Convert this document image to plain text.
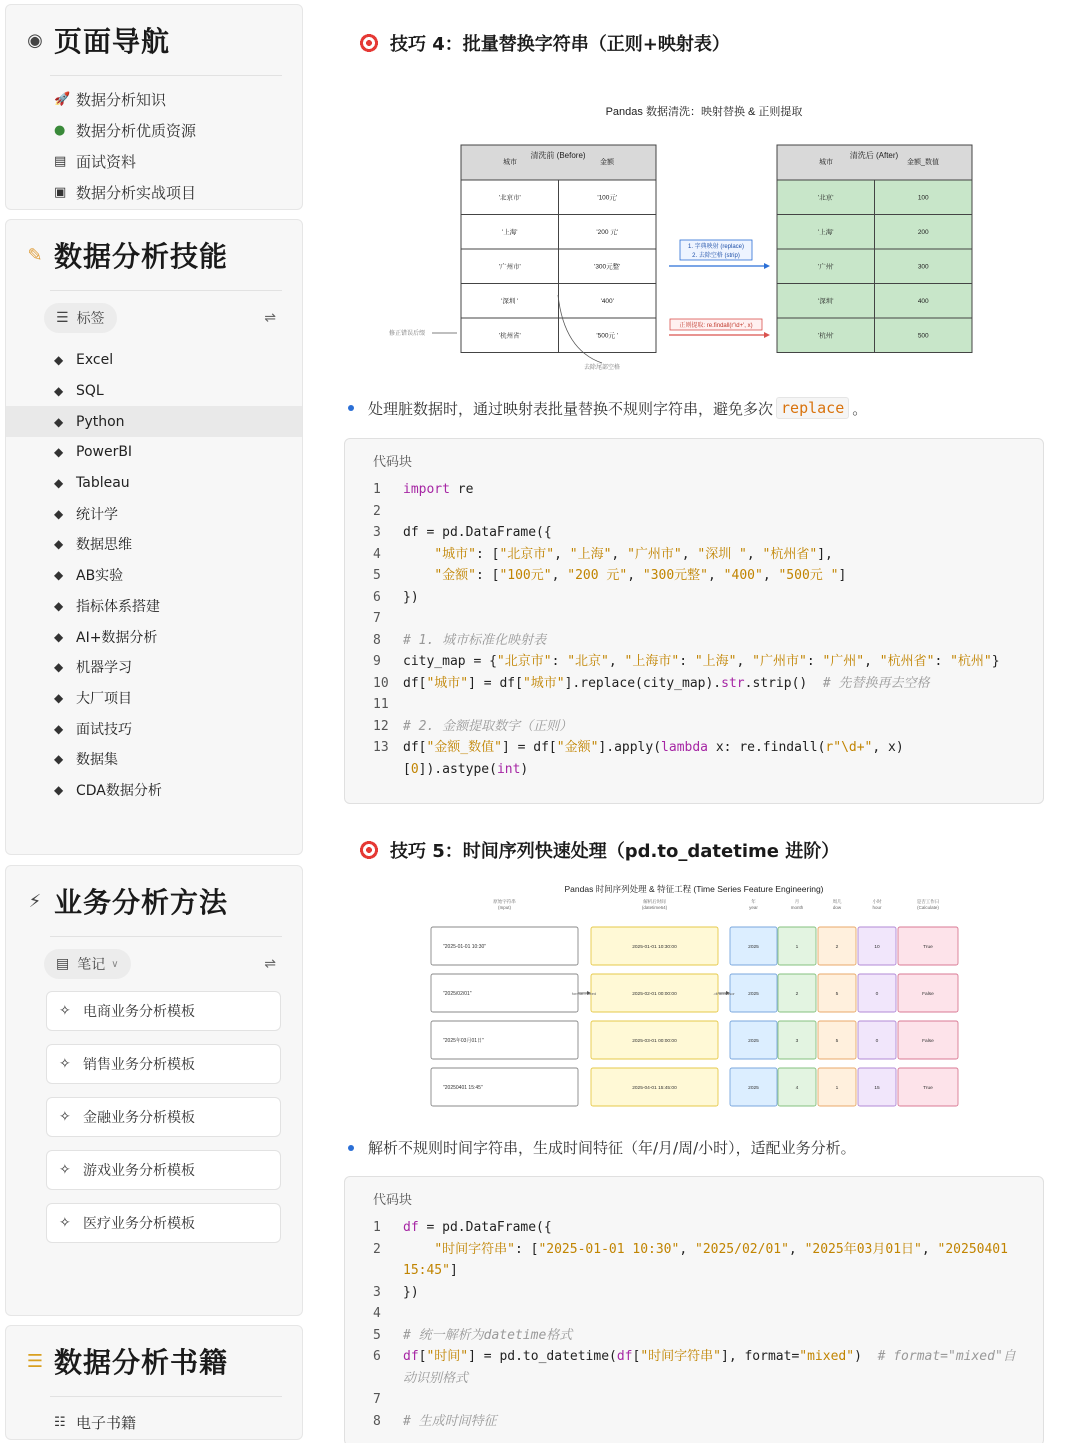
◉ 页面导航
🚀 数据分析知识
● 数据分析优质资源
▤ 面试资料
▣ 数据分析实战项目
✎ 数据分析技能
☰ 标签	⇌
◆ Excel
◆ SQL
◆ Python
◆ PowerBI
◆ Tableau
◆ 统计学
◆ 数据思维
◆ AB实验
◆ 指标体系搭建
◆ AI+数据分析
◆ 机器学习
◆ 大厂项目
◆ 面试技巧
◆ 数据集
◆ CDA数据分析
⚡ 业务分析方法
▤ 笔记 ∨	⇌
✧ 电商业务分析模板
✧ 销售业务分析模板
✧ 金融业务分析模板
✧ 游戏业务分析模板
✧ 医疗业务分析模板
☰ 数据分析书籍
☷ 电子书籍
技巧 4：批量替换字符串（正则+映射表）
Pandas 数据清洗：映射替换 & 正则提取
清洗前 (Before)
城市	金额
'北京市'	'100元'
'上海'	'200 元'
'广州市'	'300元整'
'深圳 '	'400'
'杭州省'	'500元 '
清洗后 (After)
城市	金额_数值
'北京'	100
'上海'	200
'广州'	300
'深圳'	400
'杭州'	500
1. 字典映射 (replace)
2. 去除空格 (strip)
正则提取: re.findall(r'\d+', x)
修正错误后缀
去除尾部空格
处理脏数据时，通过映射表批量替换不规则字符串，避免多次 replace 。
代码块
1	import re
2

3	df = pd.DataFrame({
4	"城市": ["北京市", "上海", "广州市", "深圳 ", "杭州省"],
5	"金额": ["100元", "200 元", "300元整", "400", "500元 "]
6	})
7

8	# 1. 城市标准化映射表
9	city_map = {"北京市": "北京", "上海市": "上海", "广州市": "广州", "杭州省": "杭州"}
10	df["城市"] = df["城市"].replace(city_map).str.strip()  # 先替换再去空格
11

12	# 2. 金额提取数字（正则）
13	df["金额_数值"] = df["金额"].apply(lambda x: re.findall(r"\d+", x)
[0]).astype(int)
技巧 5：时间序列快速处理（pd.to_datetime 进阶）
Pandas 时间序列处理 & 特征工程 (Time Series Feature Engineering)
原始字符串
(Input)
解析后时间
(datetime64)
年
year
月
month
周几
dow
小时
hour
是否工作日
(Calculate)
"2025-01-01 10:30"	2025-01-01 10:30:00	2025	1	2	10	True
"2025/02/01"	2025-02-01 00:00:00	2025	2	5	0	False
"2025年03月01日"	2025-03-01 00:00:00	2025	3	5	0	False
"20250401 15:45"	2025-04-01 15:45:00	2025	4	1	15	True
format=mixed	.dt accessor
解析不规则时间字符串，生成时间特征（年/月/周/小时），适配业务分析。
代码块
1	df = pd.DataFrame({
2	"时间字符串": ["2025-01-01 10:30", "2025/02/01", "2025年03月01日", "20250401
15:45"]
3	})
4

5	# 统一解析为datetime格式
6	df["时间"] = pd.to_datetime(df["时间字符串"], format="mixed")  # format="mixed"自
动识别格式
7

8	# 生成时间特征
